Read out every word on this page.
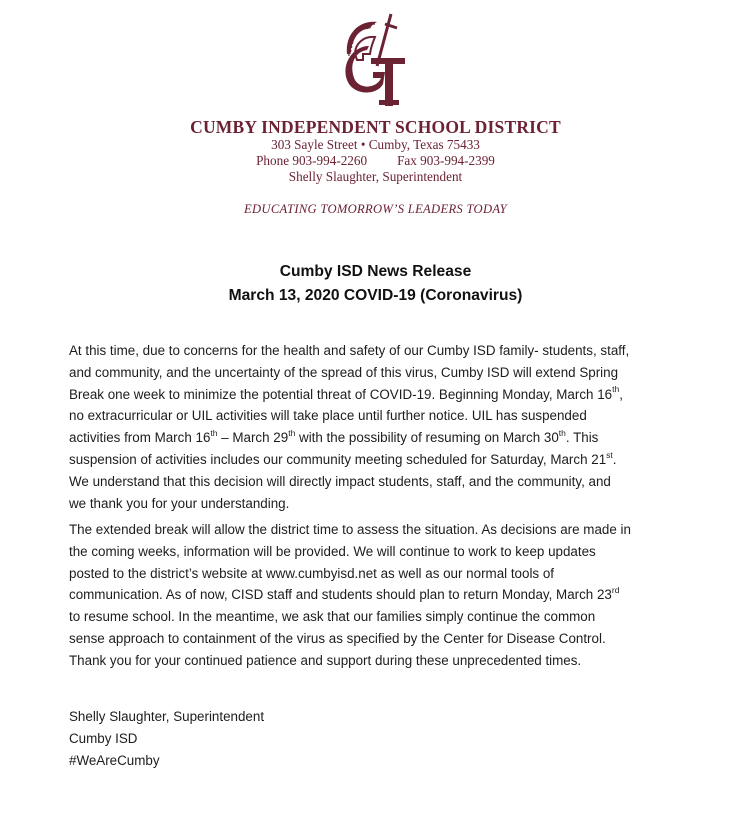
CUMBY INDEPENDENT SCHOOL DISTRICT
303 Sayle Street • Cumby, Texas 75433
Phone 903-994-2260 Fax 903-994-2399
Shelly Slaughter, Superintendent
EDUCATING TOMORROW’S LEADERS TODAY
Cumby ISD News Release
March 13, 2020 COVID-19 (Coronavirus)
At this time, due to concerns for the health and safety of our Cumby ISD family- students, staff,
and community, and the uncertainty of the spread of this virus, Cumby ISD will extend Spring
Break one week to minimize the potential threat of COVID-19. Beginning Monday, March 16th,
no extracurricular or UIL activities will take place until further notice. UIL has suspended
activities from March 16th – March 29th with the possibility of resuming on March 30th. This
suspension of activities includes our community meeting scheduled for Saturday, March 21st.
We understand that this decision will directly impact students, staff, and the community, and
we thank you for your understanding.
The extended break will allow the district time to assess the situation. As decisions are made in
the coming weeks, information will be provided. We will continue to work to keep updates
posted to the district’s website at www.cumbyisd.net as well as our normal tools of
communication. As of now, CISD staff and students should plan to return Monday, March 23rd
to resume school. In the meantime, we ask that our families simply continue the common
sense approach to containment of the virus as specified by the Center for Disease Control.
Thank you for your continued patience and support during these unprecedented times.
Shelly Slaughter, Superintendent
Cumby ISD
#WeAreCumby
